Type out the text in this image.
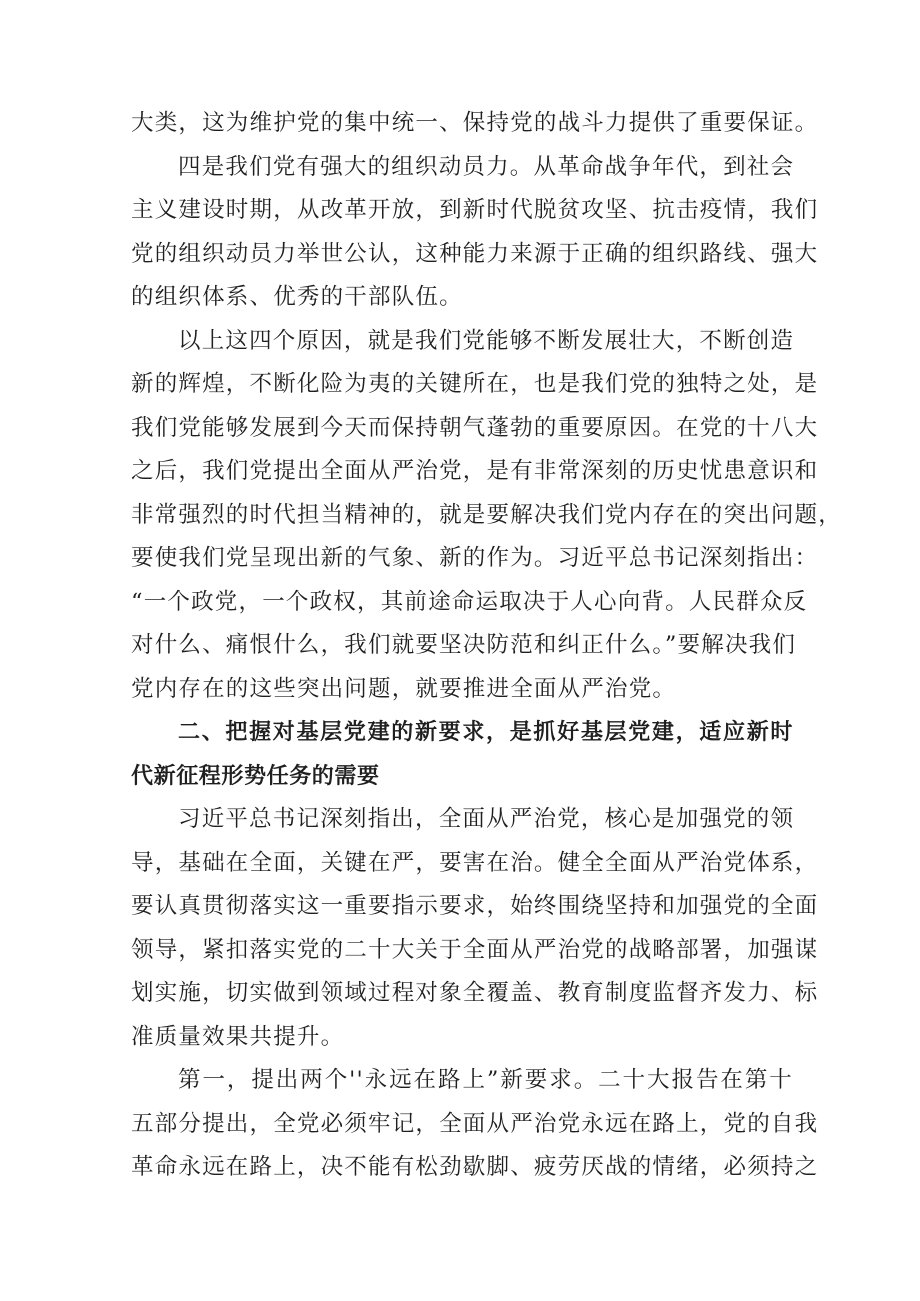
大类，这为维护党的集中统一、保持党的战斗力提供了重要保证。
四是我们党有强大的组织动员力。从革命战争年代，到社会
主义建设时期，从改革开放，到新时代脱贫攻坚、抗击疫情，我们
党的组织动员力举世公认，这种能力来源于正确的组织路线、强大
的组织体系、优秀的干部队伍。
以上这四个原因，就是我们党能够不断发展壮大，不断创造
新的辉煌，不断化险为夷的关键所在，也是我们党的独特之处，是
我们党能够发展到今天而保持朝气蓬勃的重要原因。在党的十八大
之后，我们党提出全面从严治党，是有非常深刻的历史忧患意识和
非常强烈的时代担当精神的，就是要解决我们党内存在的突出问题，
要使我们党呈现出新的气象、新的作为。习近平总书记深刻指出：
“一个政党，一个政权，其前途命运取决于人心向背。人民群众反
对什么、痛恨什么，我们就要坚决防范和纠正什么。”要解决我们
党内存在的这些突出问题，就要推进全面从严治党。
二、把握对基层党建的新要求，是抓好基层党建，适应新时
代新征程形势任务的需要
习近平总书记深刻指出，全面从严治党，核心是加强党的领
导，基础在全面，关键在严，要害在治。健全全面从严治党体系，
要认真贯彻落实这一重要指示要求，始终围绕坚持和加强党的全面
领导，紧扣落实党的二十大关于全面从严治党的战略部署，加强谋
划实施，切实做到领域过程对象全覆盖、教育制度监督齐发力、标
准质量效果共提升。
第一，提出两个''永远在路上”新要求。二十大报告在第十
五部分提出，全党必须牢记，全面从严治党永远在路上，党的自我
革命永远在路上，决不能有松劲歇脚、疲劳厌战的情绪，必须持之
